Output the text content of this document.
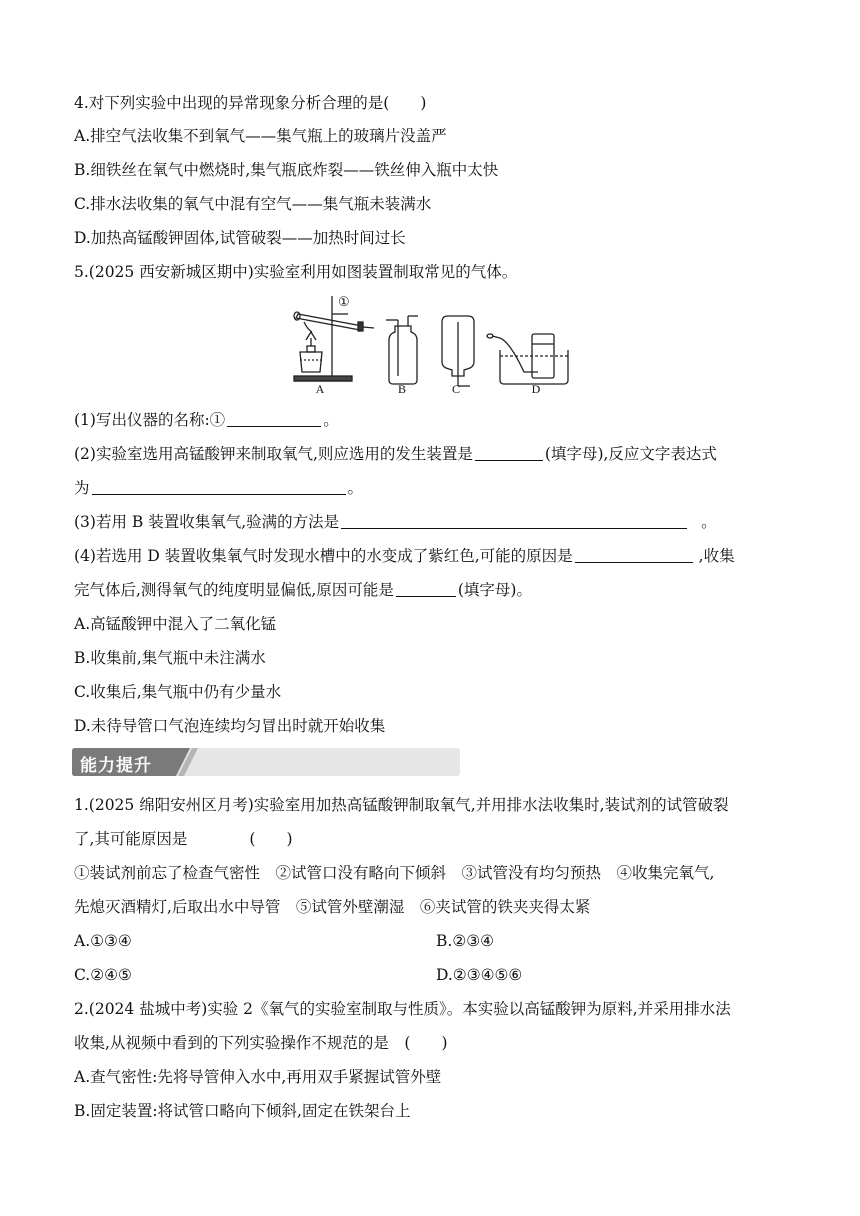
4.对下列实验中出现的异常现象分析合理的是(　　)
A.排空气法收集不到氧气——集气瓶上的玻璃片没盖严
B.细铁丝在氧气中燃烧时,集气瓶底炸裂——铁丝伸入瓶中太快
C.排水法收集的氧气中混有空气——集气瓶未装满水
D.加热高锰酸钾固体,试管破裂——加热时间过长
5.(2025 西安新城区期中)实验室利用如图装置制取常见的气体。
①
A	B	C	D
(1)写出仪器的名称:①	。
(2)实验室选用高锰酸钾来制取氧气,则应选用的发生装置是	(填字母),反应文字表达式
为	。
(3)若用 B 装置收集氧气,验满的方法是	。
(4)若选用 D 装置收集氧气时发现水槽中的水变成了紫红色,可能的原因是	,收集
完气体后,测得氧气的纯度明显偏低,原因可能是	(填字母)。
A.高锰酸钾中混入了二氧化锰
B.收集前,集气瓶中未注满水
C.收集后,集气瓶中仍有少量水
D.未待导管口气泡连续均匀冒出时就开始收集
能力提升
1.(2025 绵阳安州区月考)实验室用加热高锰酸钾制取氧气,并用排水法收集时,装试剂的试管破裂
了,其可能原因是　　　　(　　)
①装试剂前忘了检查气密性　②试管口没有略向下倾斜　③试管没有均匀预热　④收集完氧气,
先熄灭酒精灯,后取出水中导管　⑤试管外壁潮湿　⑥夹试管的铁夹夹得太紧
A.①③④	B.②③④
C.②④⑤	D.②③④⑤⑥
2.(2024 盐城中考)实验 2《氧气的实验室制取与性质》。本实验以高锰酸钾为原料,并采用排水法
收集,从视频中看到的下列实验操作不规范的是　(　　)
A.查气密性:先将导管伸入水中,再用双手紧握试管外壁
B.固定装置:将试管口略向下倾斜,固定在铁架台上
